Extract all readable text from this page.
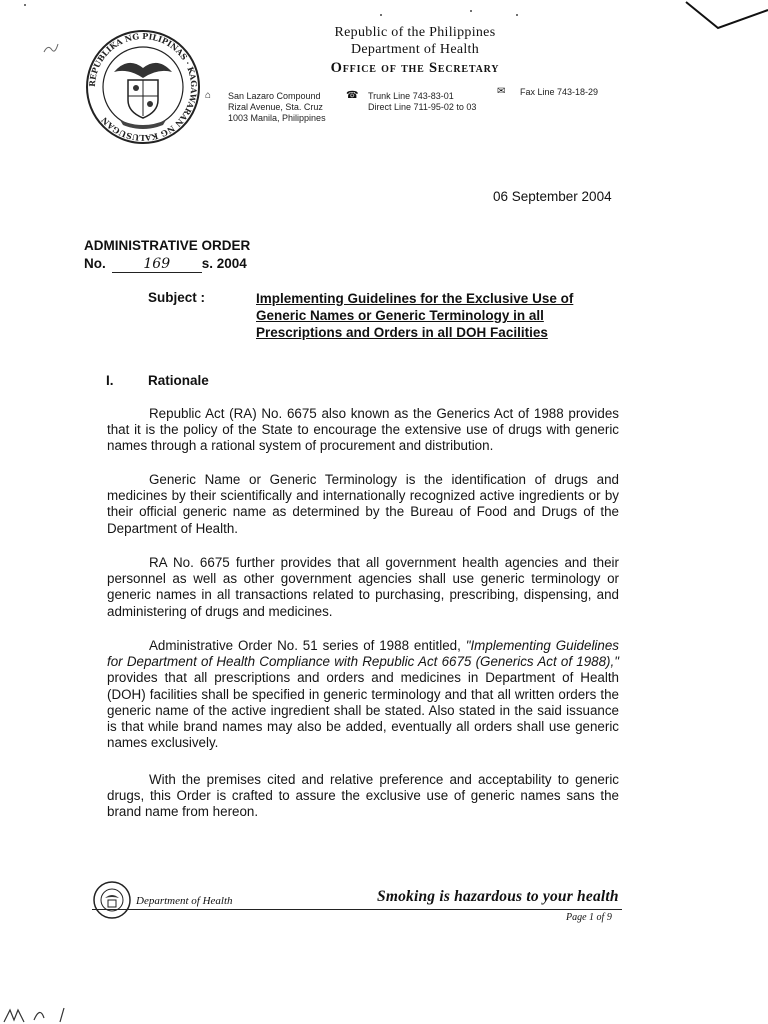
REPUBLIKA NG PILIPINAS · KAGAWARAN NG KALUSUGAN
Republic of the Philippines
Department of Health
Office of the Secretary
⌂ San Lazaro Compound
Rizal Avenue, Sta. Cruz
1003 Manila, Philippines
☎ Trunk Line 743-83-01
Direct Line 711-95-02 to 03
✉ Fax Line 743-18-29
06 September 2004
ADMINISTRATIVE ORDER
No.	169 s. 2004
Subject :	Implementing Guidelines for the Exclusive Use of Generic Names or Generic Terminology in all Prescriptions and Orders in all DOH Facilities
I.	Rationale
Republic Act (RA) No. 6675 also known as the Generics Act of 1988 provides that it is the policy of the State to encourage the extensive use of drugs with generic names through a rational system of procurement and distribution.
Generic Name or Generic Terminology is the identification of drugs and medicines by their scientifically and internationally recognized active ingredients or by their official generic name as determined by the Bureau of Food and Drugs of the Department of Health.
RA No. 6675 further provides that all government health agencies and their personnel as well as other government agencies shall use generic terminology or generic names in all transactions related to purchasing, prescribing, dispensing, and administering of drugs and medicines.
Administrative Order No. 51 series of 1988 entitled, "Implementing Guidelines for Department of Health Compliance with Republic Act 6675 (Generics Act of 1988)," provides that all prescriptions and orders and medicines in Department of Health (DOH) facilities shall be specified in generic terminology and that all written orders the generic name of the active ingredient shall be stated. Also stated in the said issuance is that while brand names may also be added, eventually all orders shall use generic names exclusively.
With the premises cited and relative preference and acceptability to generic drugs, this Order is crafted to assure the exclusive use of generic names sans the brand name from hereon.
Department of Health	Smoking is hazardous to your health
Page 1 of 9
